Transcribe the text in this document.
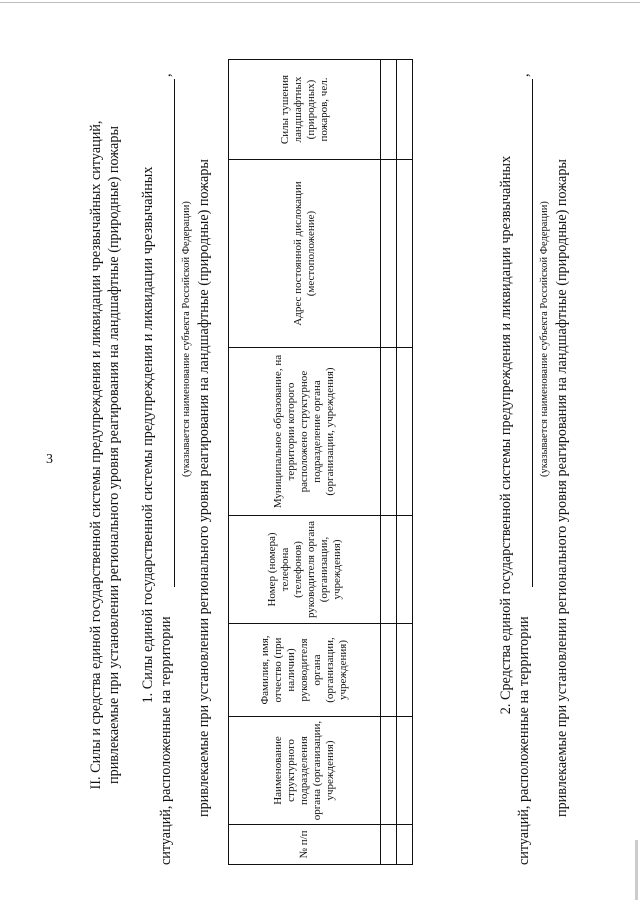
3 II. Силы и средства единой государственной системы предупреждения и ликвидации чрезвычайных ситуаций, привлекаемые при установлении регионального уровня реагирования на ландшафтные (природные) пожары 1. Силы единой государственной системы предупреждения и ликвидации чрезвычайных
ситуаций, расположенные на территории
,
(указывается наименование субъекта Российской Федерации) привлекаемые при установлении регионального уровня реагирования на ландшафтные (природные) пожары
№ п/п	Наименование структурного подразделения органа (организации, учреждения)	Фамилия, имя, отчество (при наличии) руководителя органа (организации, учреждения)	Номер (номера) телефона (телефонов) руководителя органа (организации, учреждения)	Муниципальное образование, на территории которого расположено структурное подразделение органа (организации, учреждения)	Адрес постоянной дислокации (местоположение)	Силы тушения ландшафтных (природных) пожаров, чел.

2. Средства единой государственной системы предупреждения и ликвидации чрезвычайных
ситуаций, расположенные на территории
,
(указывается наименование субъекта Российской Федерации) привлекаемые при установлении регионального уровня реагирования на ландшафтные (природные) пожары
